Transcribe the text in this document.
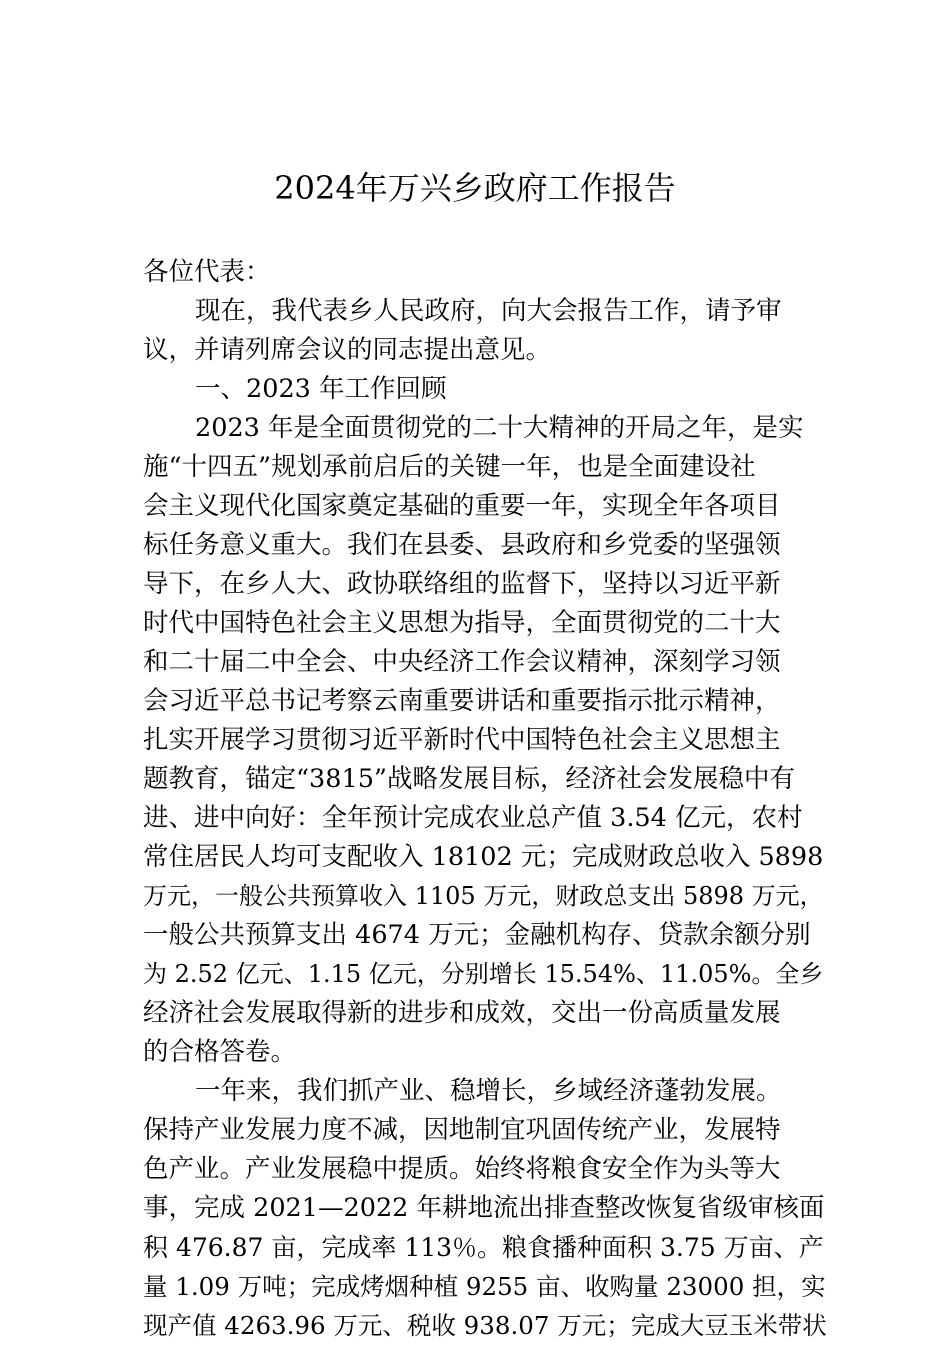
2024年万兴乡政府工作报告
各位代表：
现在，我代表乡人民政府，向大会报告工作，请予审
议，并请列席会议的同志提出意见。
一、2023 年工作回顾
2023 年是全面贯彻党的二十大精神的开局之年，是实
施“十四五”规划承前启后的关键一年，也是全面建设社
会主义现代化国家奠定基础的重要一年，实现全年各项目
标任务意义重大。我们在县委、县政府和乡党委的坚强领
导下，在乡人大、政协联络组的监督下，坚持以习近平新
时代中国特色社会主义思想为指导，全面贯彻党的二十大
和二十届二中全会、中央经济工作会议精神，深刻学习领
会习近平总书记考察云南重要讲话和重要指示批示精神，
扎实开展学习贯彻习近平新时代中国特色社会主义思想主
题教育，锚定“3815”战略发展目标，经济社会发展稳中有
进、进中向好：全年预计完成农业总产值 3.54 亿元，农村
常住居民人均可支配收入 18102 元；完成财政总收入 5898
万元，一般公共预算收入 1105 万元，财政总支出 5898 万元，
一般公共预算支出 4674 万元；金融机构存、贷款余额分别
为 2.52 亿元、1.15 亿元，分别增长 15.54%、11.05%。全乡
经济社会发展取得新的进步和成效，交出一份高质量发展
的合格答卷。
一年来，我们抓产业、稳增长，乡域经济蓬勃发展。
保持产业发展力度不减，因地制宜巩固传统产业，发展特
色产业。产业发展稳中提质。始终将粮食安全作为头等大
事，完成 2021—2022 年耕地流出排查整改恢复省级审核面
积 476.87 亩，完成率 113％。粮食播种面积 3.75 万亩、产
量 1.09 万吨；完成烤烟种植 9255 亩、收购量 23000 担，实
现产值 4263.96 万元、税收 938.07 万元；完成大豆玉米带状
